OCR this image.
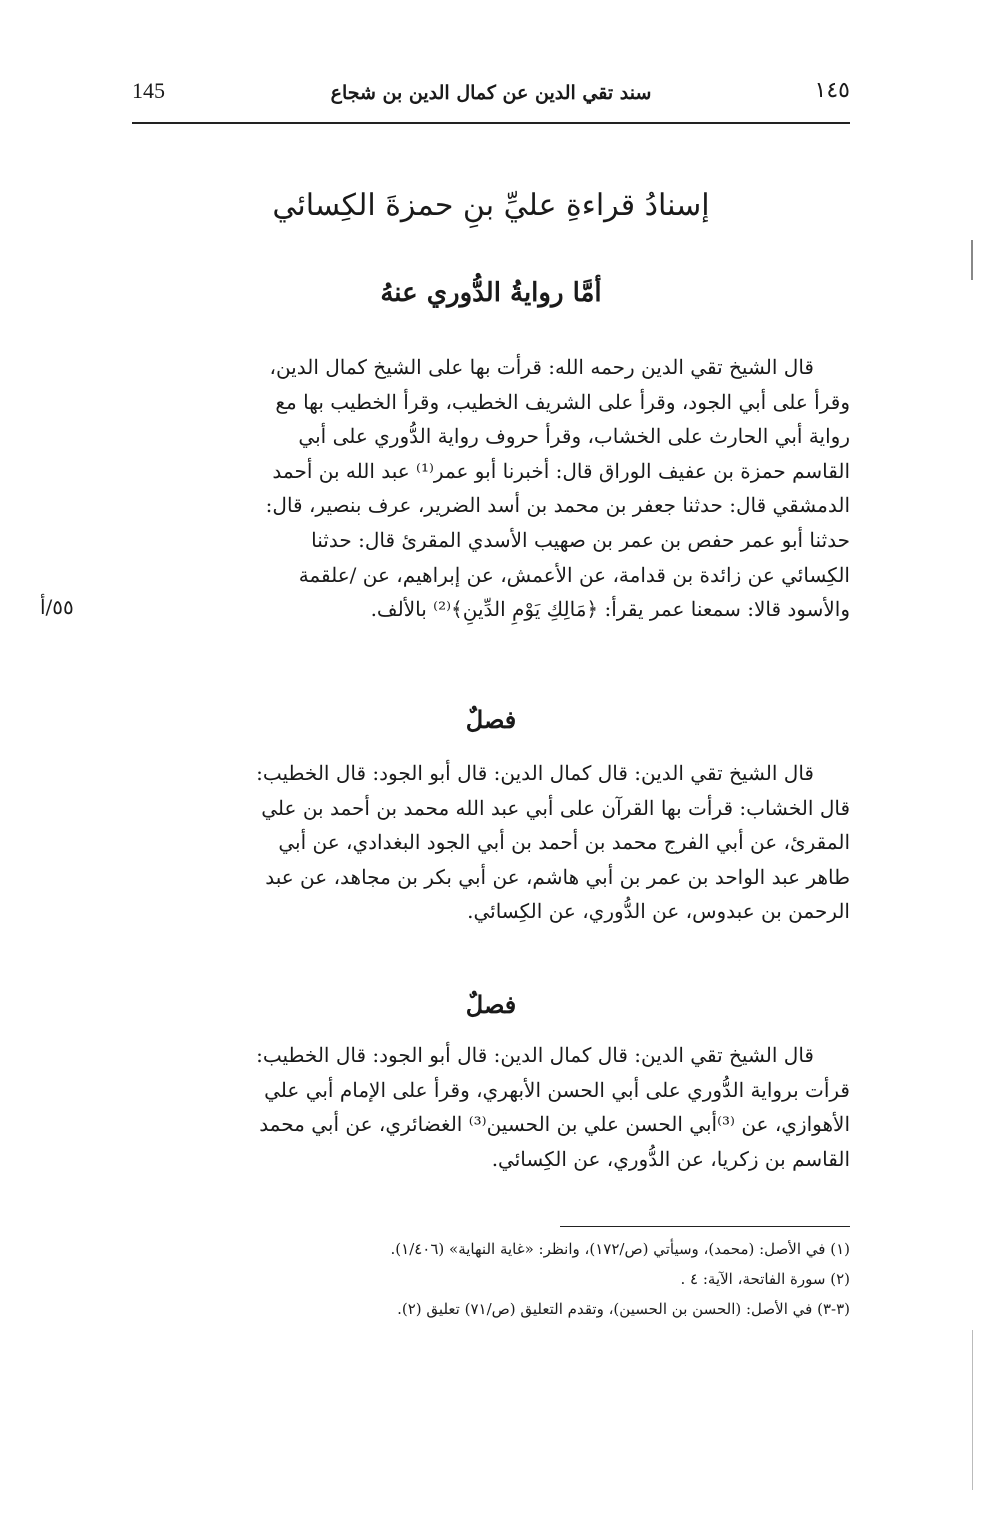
145	سند تقي الدين عن كمال الدين بن شجاع	١٤٥
إسنادُ قراءةِ عليِّ بنِ حمزةَ الكِسائي
أمَّا روايةُ الدُّوري عنهُ
قال الشيخ تقي الدين رحمه الله: قرأت بها على الشيخ كمال الدين،
وقرأ على أبي الجود، وقرأ على الشريف الخطيب، وقرأ الخطيب بها مع
رواية أبي الحارث على الخشاب، وقرأ حروف رواية الدُّوري على أبي
القاسم حمزة بن عفيف الوراق قال: أخبرنا أبو عمر⁽¹⁾ عبد الله بن أحمد
الدمشقي قال: حدثنا جعفر بن محمد بن أسد الضرير، عرف بنصير، قال:
حدثنا أبو عمر حفص بن عمر بن صهيب الأسدي المقرئ قال: حدثنا
الكِسائي عن زائدة بن قدامة، عن الأعمش، عن إبراهيم، عن /علقمة
والأسود قالا: سمعنا عمر يقرأ: ﴿مَالِكِ يَوْمِ الدِّينِ﴾⁽²⁾ بالألف.
٥٥/أ
فصلٌ
قال الشيخ تقي الدين: قال كمال الدين: قال أبو الجود: قال الخطيب:
قال الخشاب: قرأت بها القرآن على أبي عبد الله محمد بن أحمد بن علي
المقرئ، عن أبي الفرج محمد بن أحمد بن أبي الجود البغدادي، عن أبي
طاهر عبد الواحد بن عمر بن أبي هاشم، عن أبي بكر بن مجاهد، عن عبد
الرحمن بن عبدوس، عن الدُّوري، عن الكِسائي.
فصلٌ
قال الشيخ تقي الدين: قال كمال الدين: قال أبو الجود: قال الخطيب:
قرأت برواية الدُّوري على أبي الحسن الأبهري، وقرأ على الإمام أبي علي
الأهوازي، عن ⁽³⁾أبي الحسن علي بن الحسين⁽³⁾ الغضائري، عن أبي محمد
القاسم بن زكريا، عن الدُّوري، عن الكِسائي.
(١) في الأصل: (محمد)، وسيأتي (ص/١٧٢)، وانظر: «غاية النهاية» (١/٤٠٦).
(٢) سورة الفاتحة، الآية: ٤ .
(٣-٣) في الأصل: (الحسن بن الحسين)، وتقدم التعليق (ص/٧١) تعليق (٢).
